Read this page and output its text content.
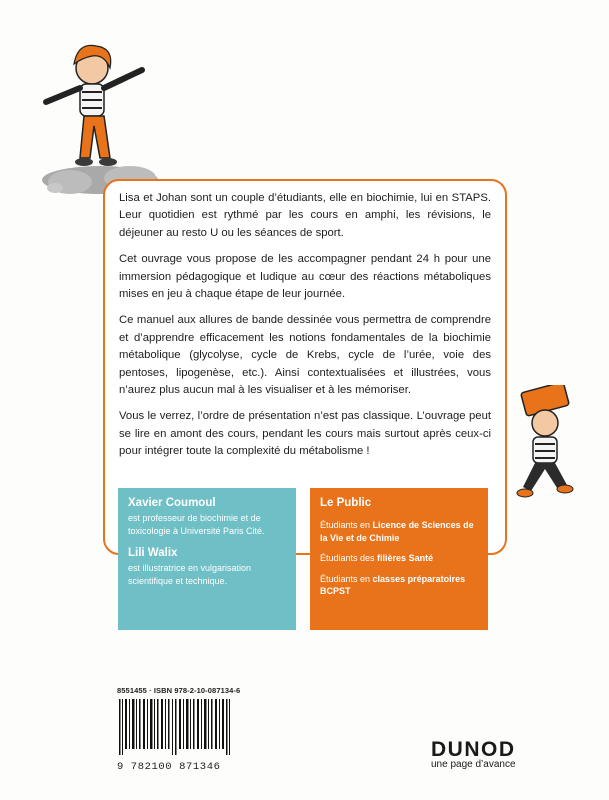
Lisa et Johan sont un couple d’étudiants, elle en biochimie, lui en STAPS. Leur quotidien est rythmé par les cours en amphi, les révisions, le déjeuner au resto U ou les séances de sport.

Cet ouvrage vous propose de les accompagner pendant 24 h pour une immersion pédagogique et ludique au cœur des réactions métaboliques mises en jeu à chaque étape de leur journée.

Ce manuel aux allures de bande dessinée vous permettra de comprendre et d’apprendre efficacement les notions fondamentales de la biochimie métabolique (glycolyse, cycle de Krebs, cycle de l’urée, voie des pentoses, lipogenèse, etc.). Ainsi contextualisées et illustrées, vous n’aurez plus aucun mal à les visualiser et à les mémoriser.

Vous le verrez, l’ordre de présentation n’est pas classique. L’ouvrage peut se lire en amont des cours, pendant les cours mais surtout après ceux-ci pour intégrer toute la complexité du métabolisme !

Xavier Coumoul
est professeur de biochimie et de toxicologie à Université Paris Cité.
Lili Walix
est illustratrice en vulgarisation scientifique et technique.
Le Public
Étudiants en Licence de Sciences de la Vie et de Chimie
Étudiants des filières Santé
Étudiants en classes préparatoires BCPST
8551455 · ISBN 978-2-10-087134-6
9 782100 871346
DUNOD
une page d’avance
